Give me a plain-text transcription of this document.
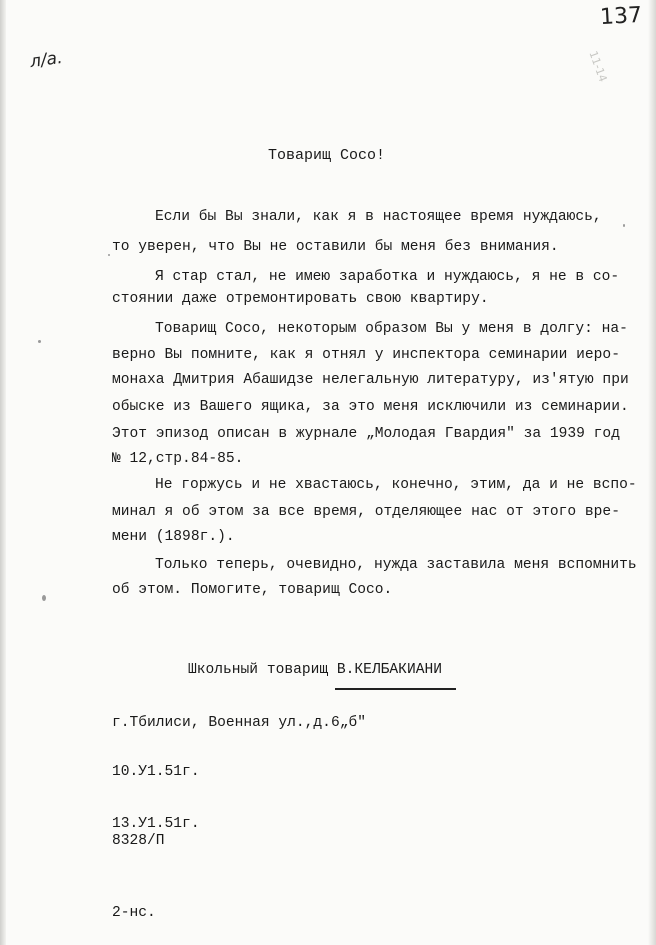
л/а.
137
11-14
Товарищ Сосо!
Если бы Вы знали, как я в настоящее время нуждаюсь,
то уверен, что Вы не оставили бы меня без внимания.
Я стар стал, не имею заработка и нуждаюсь, я не в со-
стоянии даже отремонтировать свою квартиру.
Товарищ Сосо, некоторым образом Вы у меня в долгу: на-
верно Вы помните, как я отнял у инспектора семинарии иеро-
монаха Дмитрия Абашидзе нелегальную литературу, из'ятую при
обыске из Вашего ящика, за это меня исключили из семинарии.
Этот эпизод описан в журнале „Молодая Гвардия" за 1939 год
№ 12,стр.84-85.
Не горжусь и не хвастаюсь, конечно, этим, да и не вспо-
минал я об этом за все время, отделяющее нас от этого вре-
мени (1898г.).
Только теперь, очевидно, нужда заставила меня вспомнить
об этом. Помогите, товарищ Сосо.
Школьный товарищ В.КЕЛБАКИАНИ
г.Тбилиси, Военная ул.,д.6„б"
10.У1.51г.
13.У1.51г.
8328/П
2-нс.
